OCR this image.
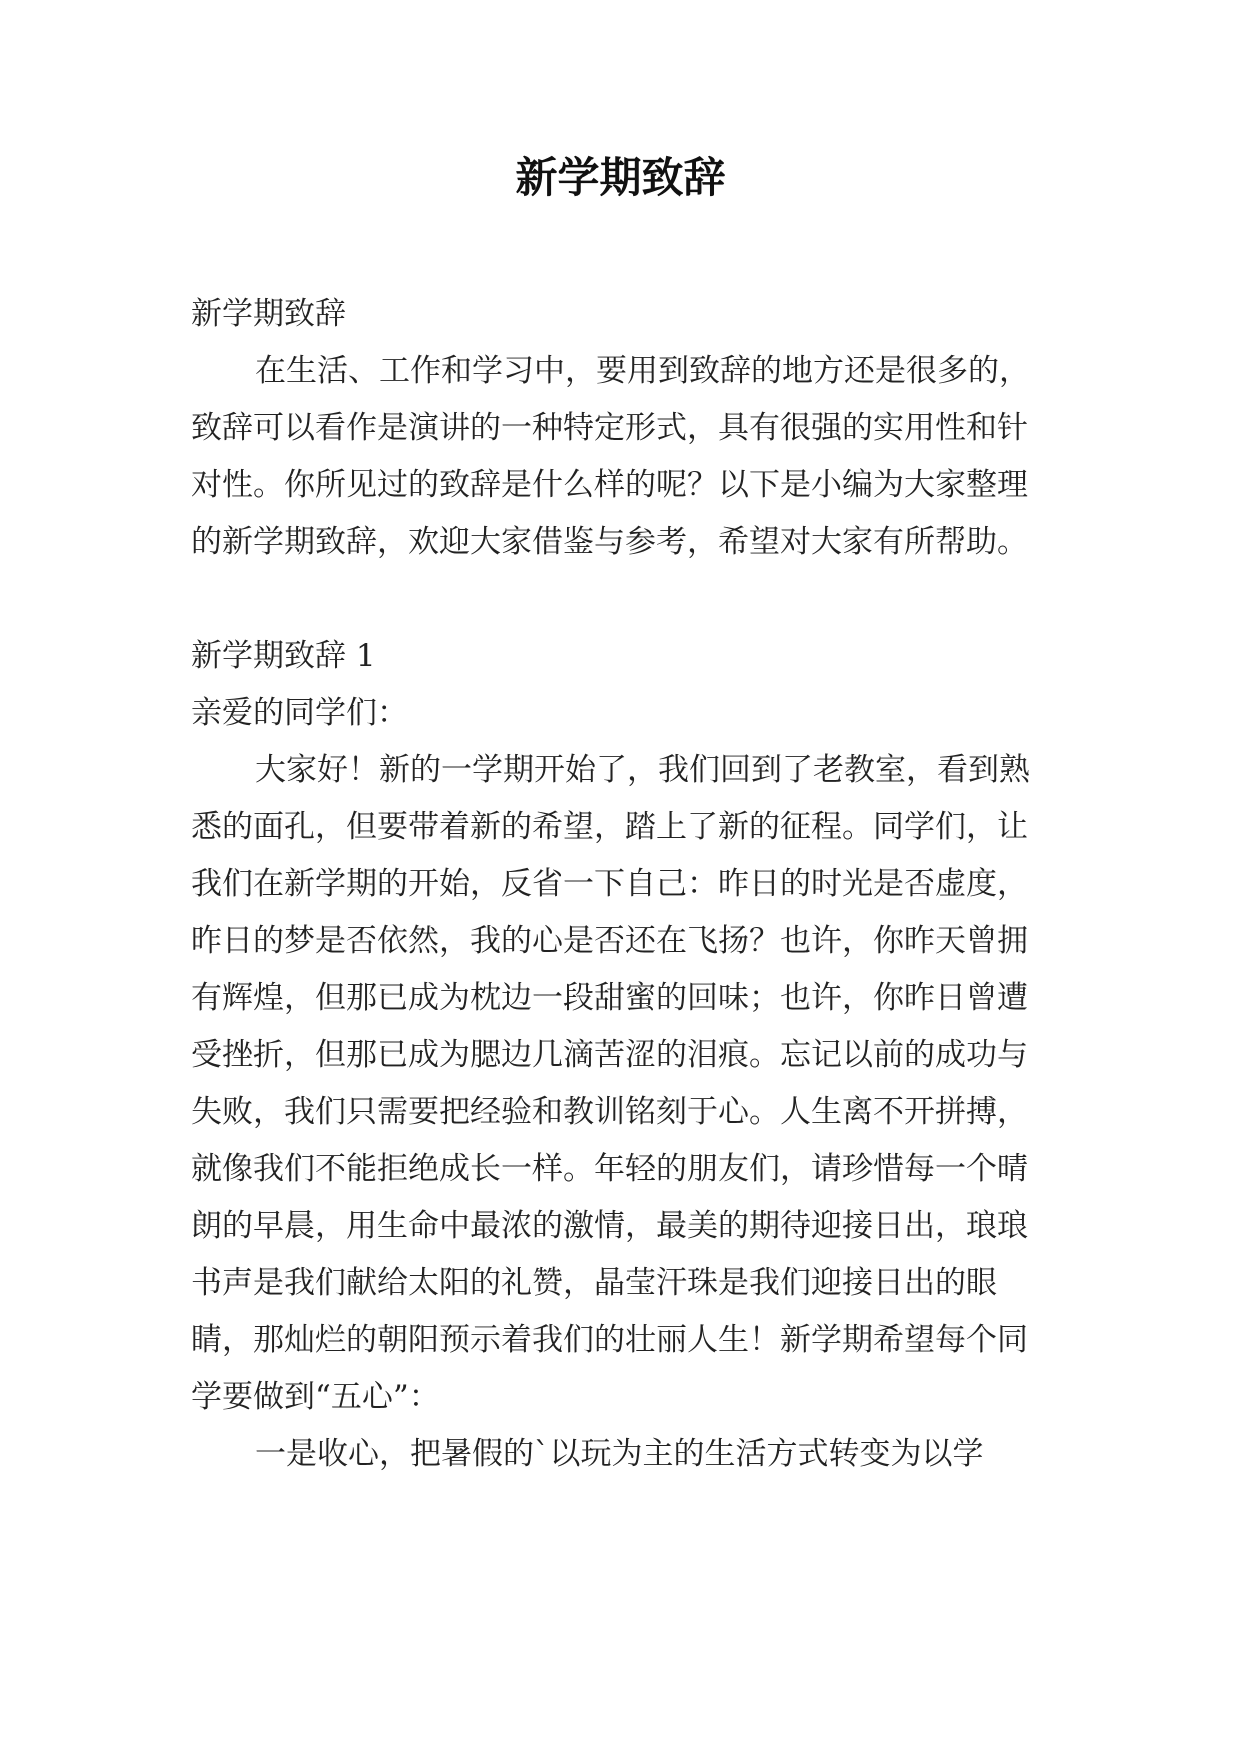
新学期致辞

新学期致辞

在生活、工作和学习中，要用到致辞的地方还是很多的，致辞可以看作是演讲的一种特定形式，具有很强的实用性和针对性。你所见过的致辞是什么样的呢？以下是小编为大家整理的新学期致辞，欢迎大家借鉴与参考，希望对大家有所帮助。

新学期致辞 1

亲爱的同学们：

大家好！新的一学期开始了，我们回到了老教室，看到熟悉的面孔，但要带着新的希望，踏上了新的征程。同学们，让我们在新学期的开始，反省一下自己：昨日的时光是否虚度，昨日的梦是否依然，我的心是否还在飞扬？也许，你昨天曾拥有辉煌，但那已成为枕边一段甜蜜的回味；也许，你昨日曾遭受挫折，但那已成为腮边几滴苦涩的泪痕。忘记以前的成功与失败，我们只需要把经验和教训铭刻于心。人生离不开拼搏，就像我们不能拒绝成长一样。年轻的朋友们，请珍惜每一个晴朗的早晨，用生命中最浓的激情，最美的期待迎接日出，琅琅书声是我们献给太阳的礼赞，晶莹汗珠是我们迎接日出的眼睛，那灿烂的朝阳预示着我们的壮丽人生！新学期希望每个同学要做到“五心”：

一是收心，把暑假的`以玩为主的生活方式转变为以学
